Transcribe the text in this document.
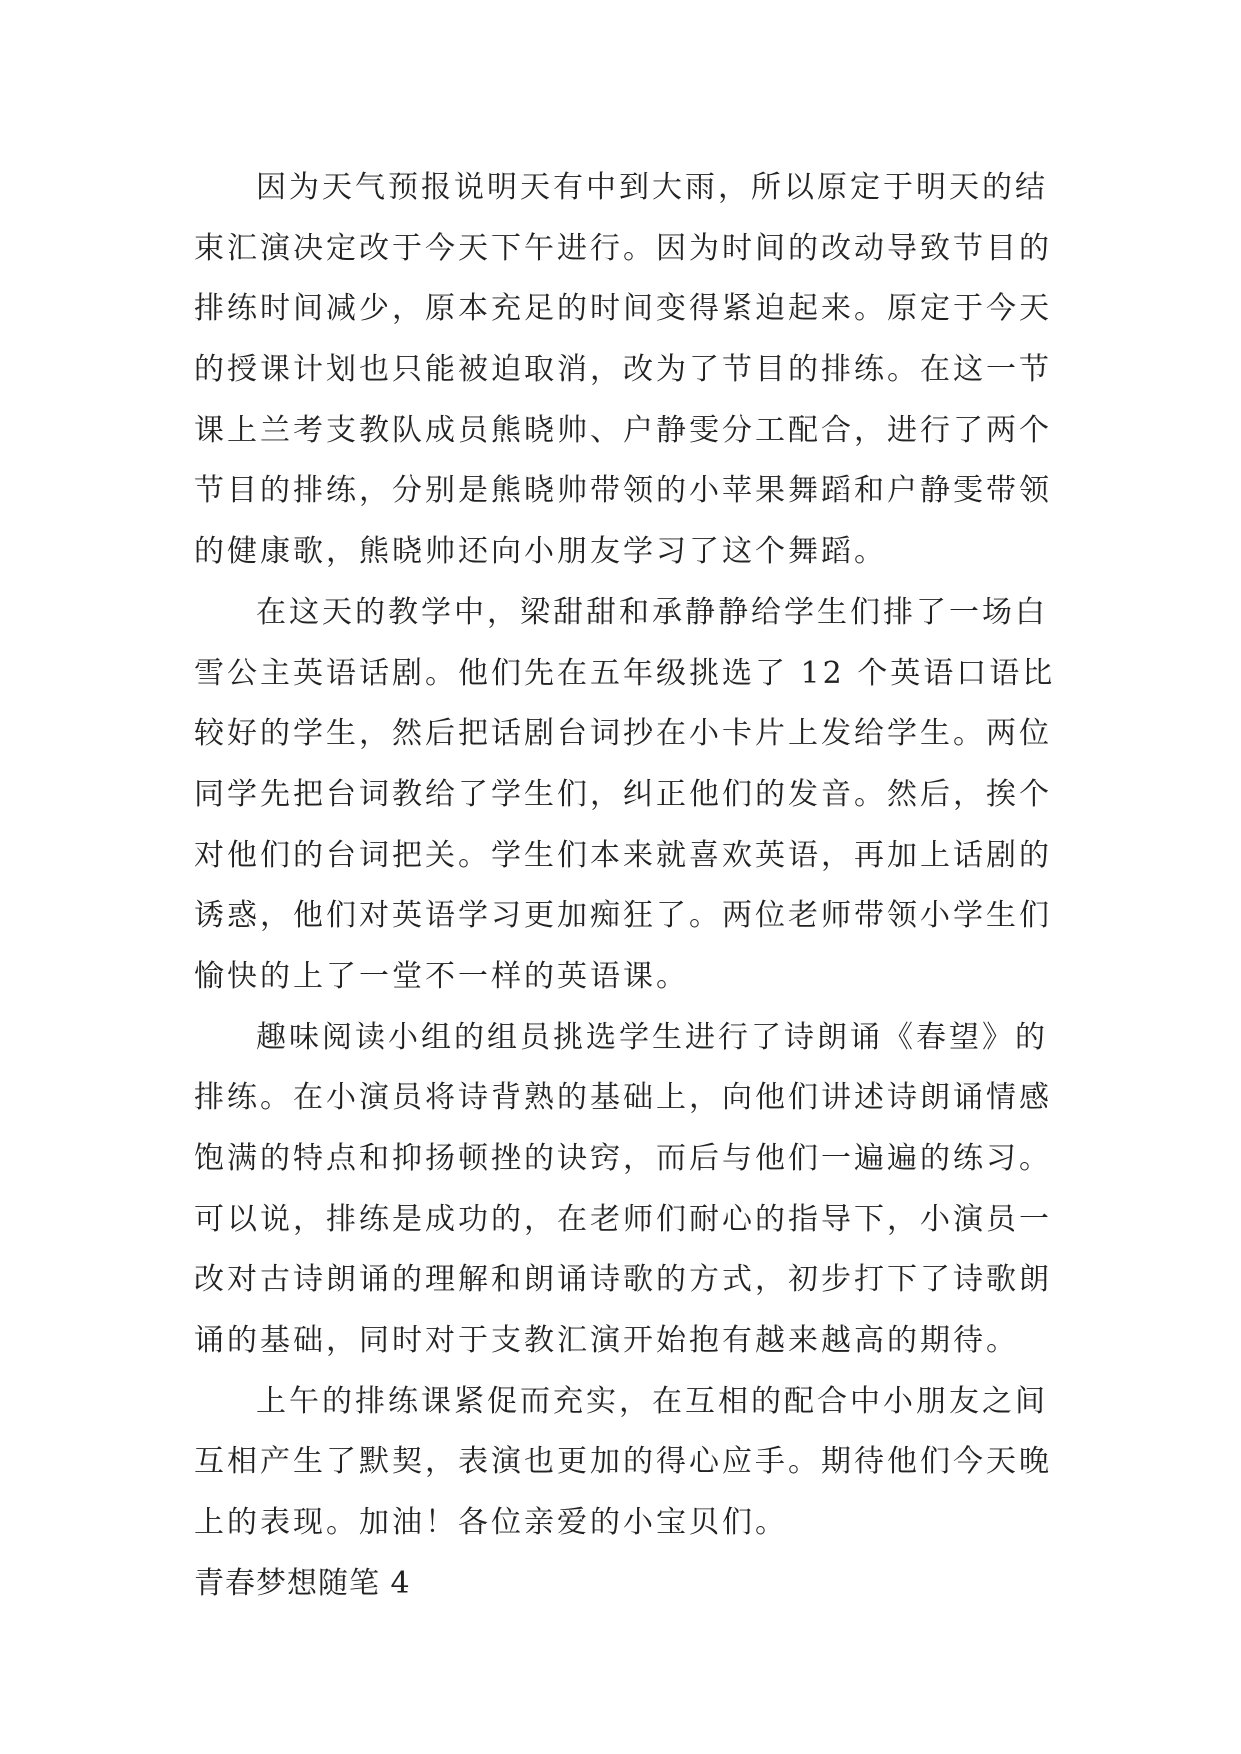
因为天气预报说明天有中到大雨，所以原定于明天的结
束汇演决定改于今天下午进行。因为时间的改动导致节目的
排练时间减少，原本充足的时间变得紧迫起来。原定于今天
的授课计划也只能被迫取消，改为了节目的排练。在这一节
课上兰考支教队成员熊晓帅、户静雯分工配合，进行了两个
节目的排练，分别是熊晓帅带领的小苹果舞蹈和户静雯带领
的健康歌，熊晓帅还向小朋友学习了这个舞蹈。
在这天的教学中，梁甜甜和承静静给学生们排了一场白
雪公主英语话剧。他们先在五年级挑选了 12 个英语口语比
较好的学生，然后把话剧台词抄在小卡片上发给学生。两位
同学先把台词教给了学生们，纠正他们的发音。然后，挨个
对他们的台词把关。学生们本来就喜欢英语，再加上话剧的
诱惑，他们对英语学习更加痴狂了。两位老师带领小学生们
愉快的上了一堂不一样的英语课。
趣味阅读小组的组员挑选学生进行了诗朗诵《春望》的
排练。在小演员将诗背熟的基础上，向他们讲述诗朗诵情感
饱满的特点和抑扬顿挫的诀窍，而后与他们一遍遍的练习。
可以说，排练是成功的，在老师们耐心的指导下，小演员一
改对古诗朗诵的理解和朗诵诗歌的方式，初步打下了诗歌朗
诵的基础，同时对于支教汇演开始抱有越来越高的期待。
上午的排练课紧促而充实，在互相的配合中小朋友之间
互相产生了默契，表演也更加的得心应手。期待他们今天晚
上的表现。加油！各位亲爱的小宝贝们。
青春梦想随笔 4
